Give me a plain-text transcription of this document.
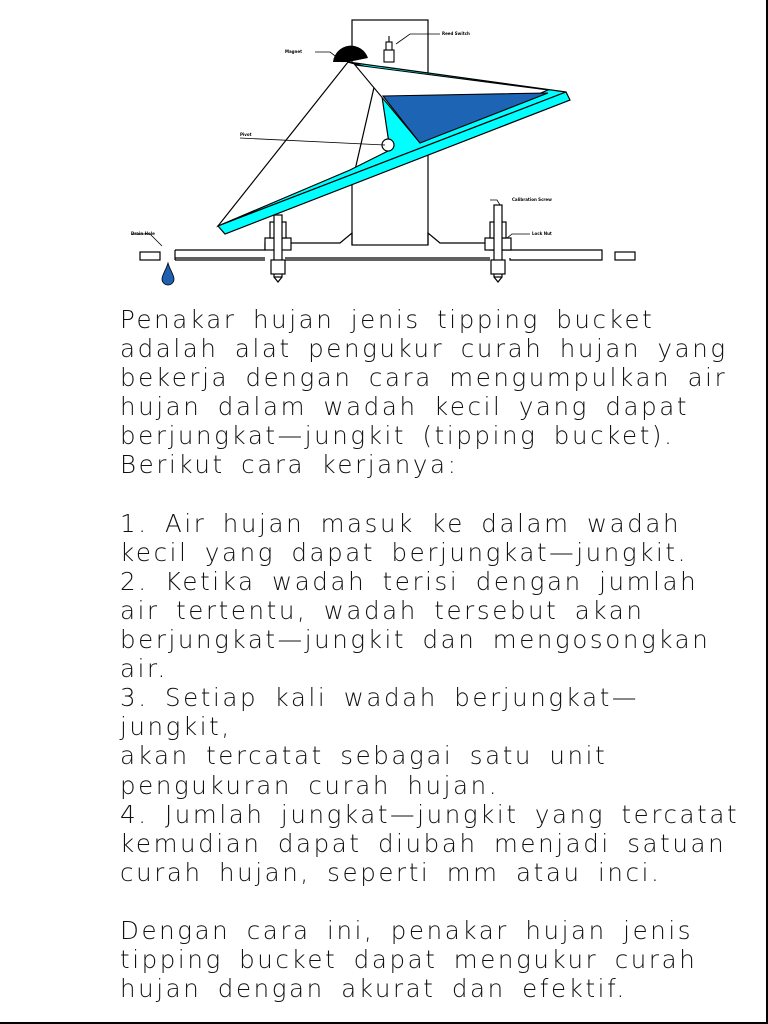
Reed Switch
Magnet
Pivot
Calibration Screw
Lock Nut
Drain Hole

Penakar hujan jenis tipping bucket

adalah alat pengukur curah hujan yang

bekerja dengan cara mengumpulkan air

hujan dalam wadah kecil yang dapat

berjungkat—jungkit (tipping bucket).

Berikut cara kerjanya:

1. Air hujan masuk ke dalam wadah

kecil yang dapat berjungkat—jungkit.

2. Ketika wadah terisi dengan jumlah

air tertentu, wadah tersebut akan

berjungkat—jungkit dan mengosongkan

air.

3. Setiap kali wadah berjungkat—jungkit,

akan tercatat sebagai satu unit

pengukuran curah hujan.

4. Jumlah jungkat—jungkit yang tercatat

kemudian dapat diubah menjadi satuan

curah hujan, seperti mm atau inci.

Dengan cara ini, penakar hujan jenis

tipping bucket dapat mengukur curah

hujan dengan akurat dan efektif.
